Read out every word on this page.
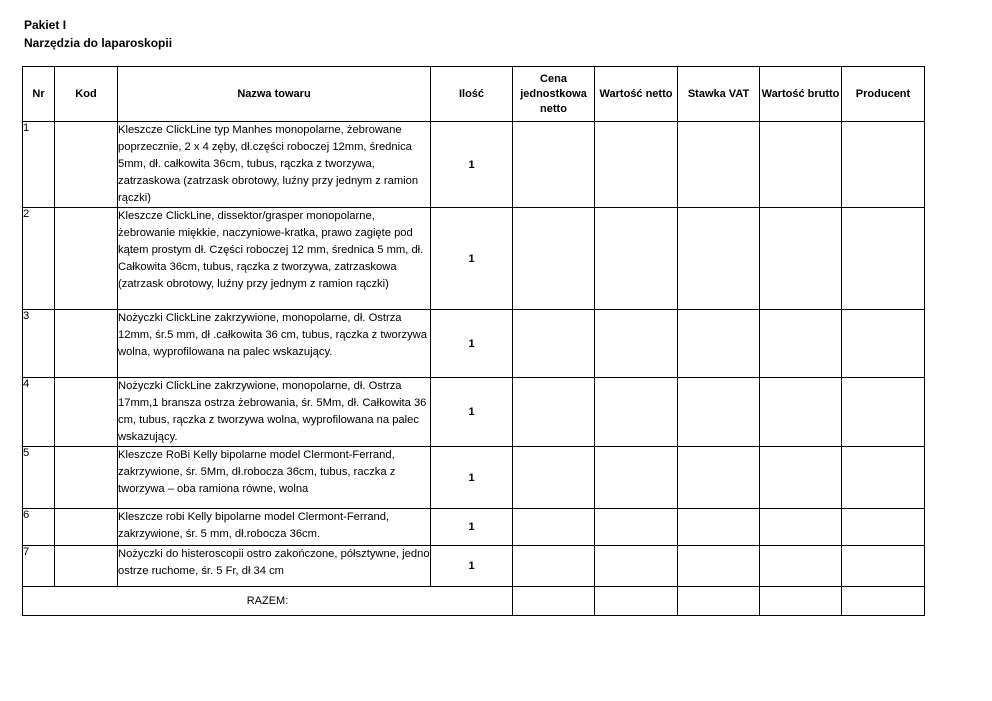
Pakiet I
Narzędzia do laparoskopii
Nr	Kod	Nazwa towaru	Ilość	Cena jednostkowa netto	Wartość netto	Stawka VAT	Wartość brutto	Producent
1		Kleszcze ClickLine typ Manhes monopolarne, żebrowane poprzecznie, 2 x 4 zęby, dł.części roboczej 12mm, średnica 5mm, dł. całkowita 36cm, tubus, rączka z tworzywa, zatrzaskowa (zatrzask obrotowy, luźny przy jednym z ramion rączki)	1					
2		Kleszcze ClickLine, dissektor/grasper monopolarne, żebrowanie miękkie, naczyniowe-kratka, prawo zagięte pod kątem prostym dł. Części roboczej 12 mm, średnica 5 mm, dł. Całkowita 36cm, tubus, rączka z tworzywa, zatrzaskowa (zatrzask obrotowy, luźny przy jednym z ramion rączki)	1					
3		Nożyczki ClickLine zakrzywione, monopolarne, dł. Ostrza 12mm, śr.5 mm, dł .całkowita 36 cm, tubus, rączka z tworzywa wolna, wyprofilowana na palec wskazujący.	1					
4		Nożyczki ClickLine zakrzywione, monopolarne, dł. Ostrza 17mm,1 bransza ostrza żebrowania, śr. 5Mm, dł. Całkowita 36 cm, tubus, rączka z tworzywa wolna, wyprofilowana na palec wskazujący.	1					
5		Kleszcze RoBi Kelly bipolarne model Clermont-Ferrand, zakrzywione, śr. 5Mm, dł.robocza 36cm, tubus, raczka z tworzywa – oba ramiona równe, wolna	1					
6		Kleszcze robi Kelly bipolarne model Clermont-Ferrand, zakrzywione, śr. 5 mm, dł.robocza 36cm.	1					
7		Nożyczki do histeroscopii ostro zakończone, półsztywne, jedno ostrze ruchome, śr. 5 Fr, dł 34 cm	1					
RAZEM:								
